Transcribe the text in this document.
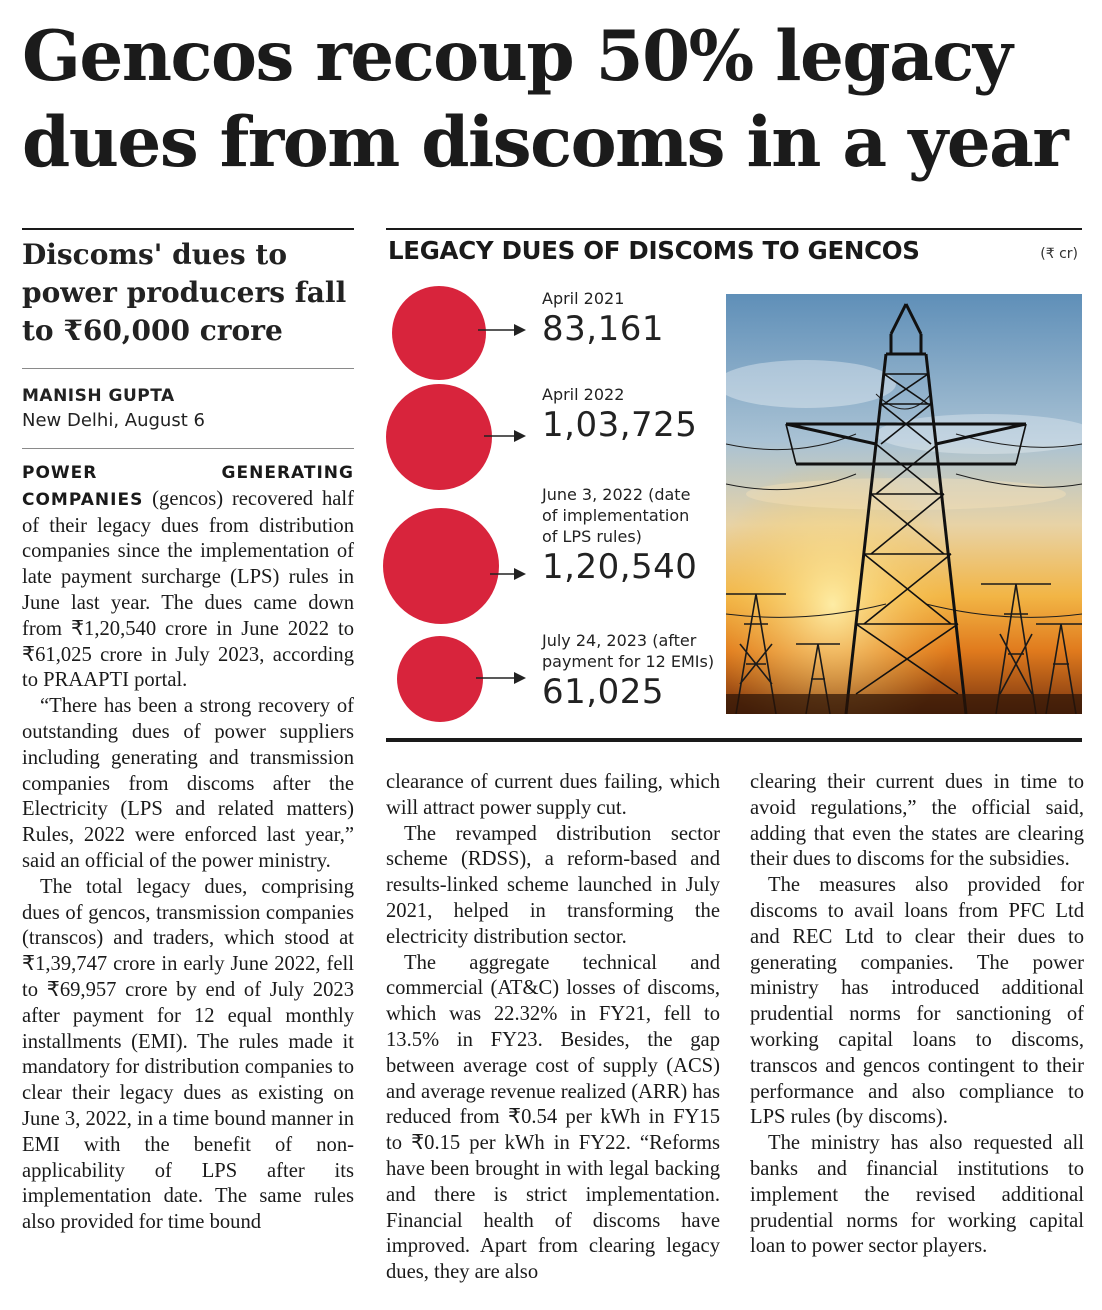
Gencos recoup 50% legacy
dues from discoms in a year
Discoms' dues to
power producers fall
to ₹60,000 crore
MANISH GUPTA
New Delhi, August 6
LEGACY DUES OF DISCOMS TO GENCOS	(₹ cr)
April 2021
83,161
April 2022
1,03,725
June 3, 2022 (date
of implementation
of LPS rules)
1,20,540
July 24, 2023 (after
payment for 12 EMIs)
61,025

POWER GENERATING COMPANIES (gencos) recovered half of their legacy dues from distribution companies since the implementation of late payment surcharge (LPS) rules in June last year. The dues came down from ₹1,20,540 crore in June 2022 to ₹61,025 crore in July 2023, according to PRAAPTI portal.

“There has been a strong recovery of outstanding dues of power suppliers including generating and transmission companies from discoms after the Electricity (LPS and related matters) Rules, 2022 were enforced last year,” said an official of the power ministry.

The total legacy dues, comprising dues of gencos, transmission companies (transcos) and traders, which stood at ₹1,39,747 crore in early June 2022, fell to ₹69,957 crore by end of July 2023 after payment for 12 equal monthly installments (EMI). The rules made it mandatory for distribution companies to clear their legacy dues as existing on June 3, 2022, in a time bound manner in EMI with the benefit of non-applicability of LPS after its implementation date. The same rules also provided for time bound

clearance of current dues failing, which will attract power supply cut.

The revamped distribution sector scheme (RDSS), a reform-based and results-linked scheme launched in July 2021, helped in transforming the electricity distribution sector.

The aggregate technical and commercial (AT&C) losses of discoms, which was 22.32% in FY21, fell to 13.5% in FY23. Besides, the gap between average cost of supply (ACS) and average revenue realized (ARR) has reduced from ₹0.54 per kWh in FY15 to ₹0.15 per kWh in FY22. “Reforms have been brought in with legal backing and there is strict implementation. Financial health of discoms have improved. Apart from clearing legacy dues, they are also

clearing their current dues in time to avoid regulations,” the official said, adding that even the states are clearing their dues to discoms for the subsidies.

The measures also provided for discoms to avail loans from PFC Ltd and REC Ltd to clear their dues to generating companies. The power ministry has introduced additional prudential norms for sanctioning of working capital loans to discoms, transcos and gencos contingent to their performance and also compliance to LPS rules (by discoms).

The ministry has also requested all banks and financial institutions to implement the revised additional prudential norms for working capital loan to power sector players.
